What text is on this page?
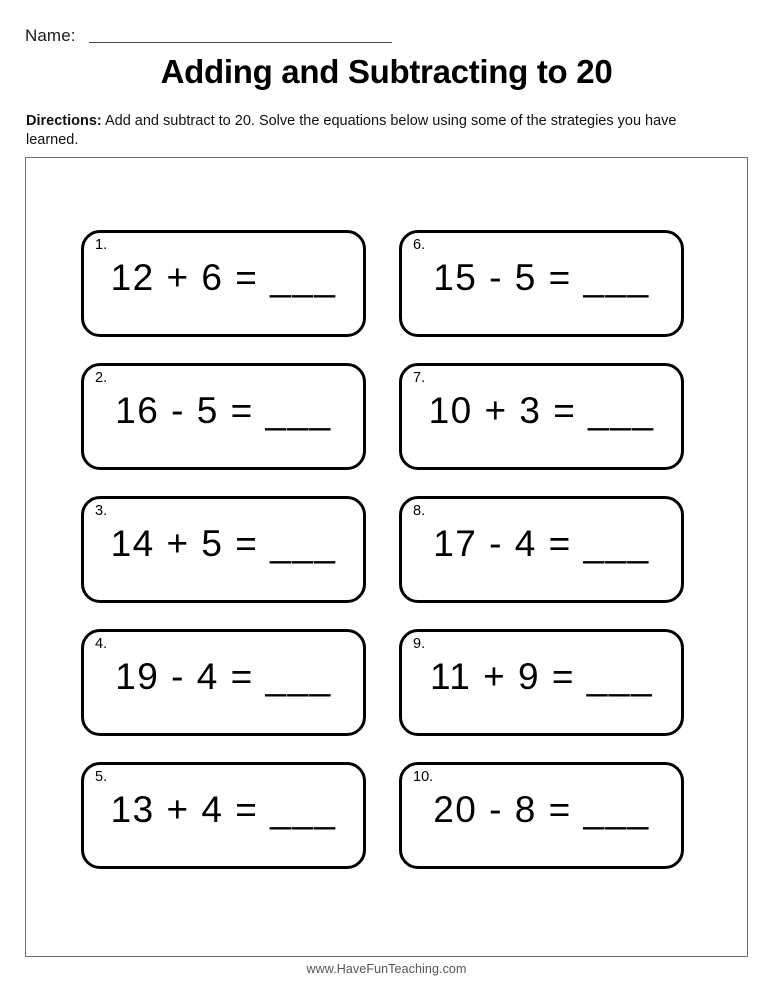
Name:
Adding and Subtracting to 20
Directions: Add and subtract to 20. Solve the equations below using some of the strategies you have learned.
1.
12 + 6 = ___
2.
16 - 5 = ___
3.
14 + 5 = ___
4.
19 - 4 = ___
5.
13 + 4 = ___
6.
15 - 5 = ___
7.
10 + 3 = ___
8.
17 - 4 = ___
9.
11 + 9 = ___
10.
20 - 8 = ___
www.HaveFunTeaching.com
